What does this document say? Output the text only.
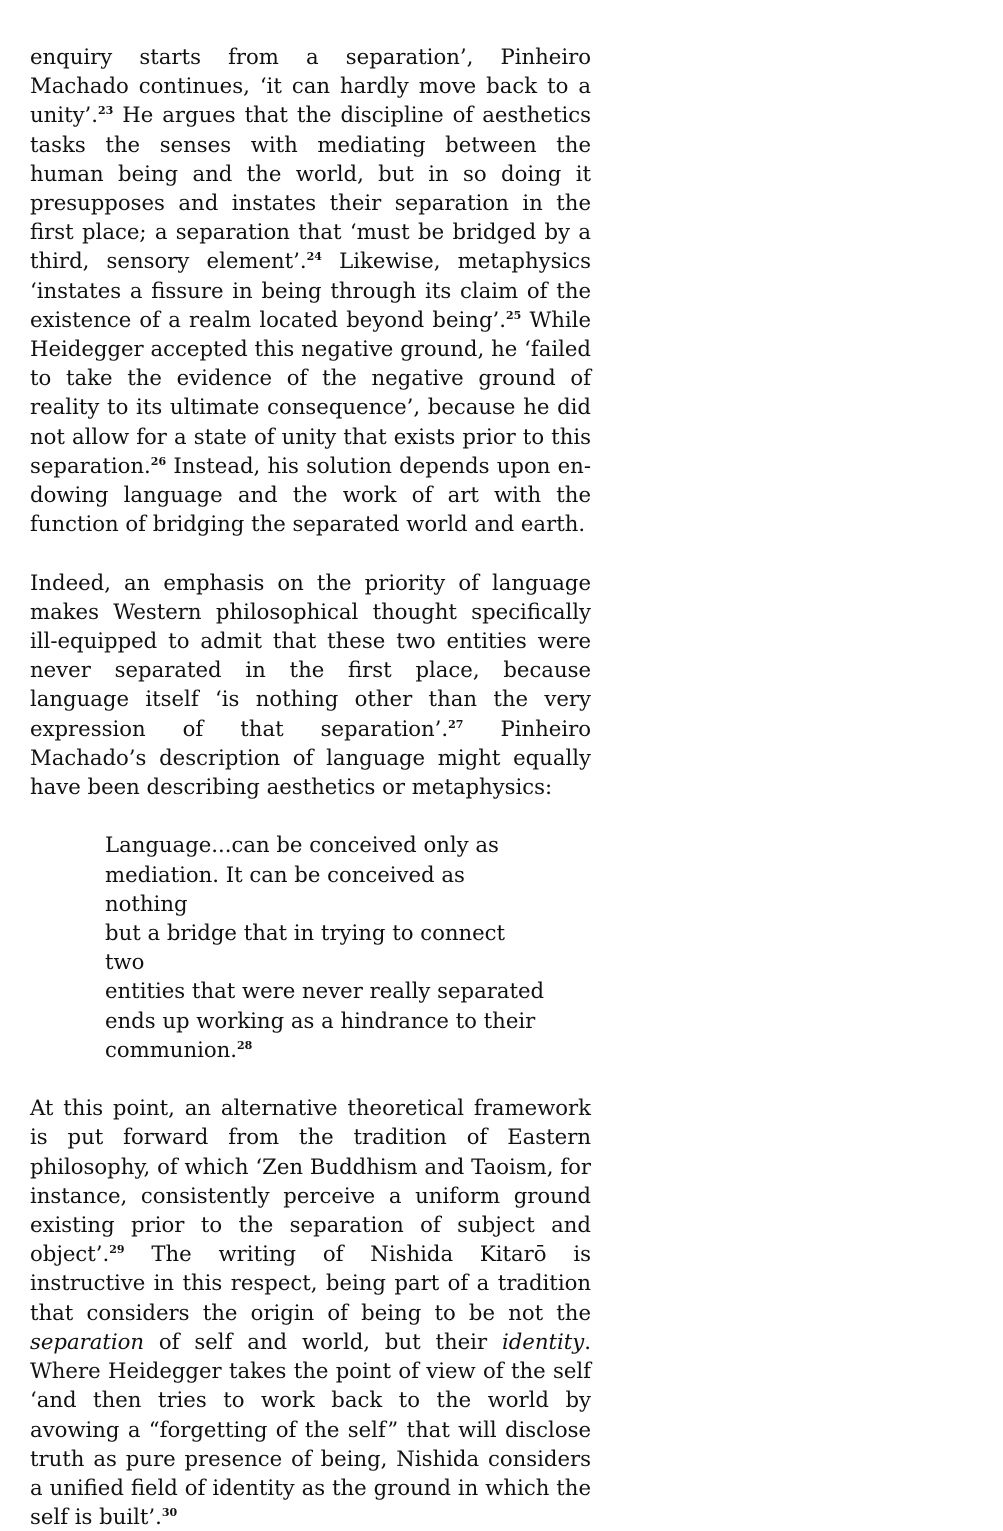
enquiry starts from a separation’, Pinheiro Machado continues, ‘it can hardly move back to a unity’.$^{23}$ He argues that the discipline of aesthetics tasks the senses with mediating between the human being and the world, but in so doing it presupposes and instates their separation in the first place; a separation that ‘must be bridged by a third, sensory element’.$^{24}$ Likewise, metaphysics ‘instates a fissure in being through its claim of the existence of a realm located beyond being’.$^{25}$ While Heidegger accepted this negative ground, he ‘failed to take the evidence of the negative ground of reality to its ultimate consequence’, because he did not allow for a state of unity that exists prior to this separation.$^{26}$ Instead, his solution depends upon endowing language and the work of art with the function of bridging the separated world and earth.

Indeed, an emphasis on the priority of language makes Western philosophical thought specifically ill-equipped to admit that these two entities were never separated in the first place, because language itself ‘is nothing other than the very expression of that separation’.$^{27}$ Pinheiro Machado’s description of language might equally have been describing aesthetics or metaphysics:

Language...can be conceived only as
mediation. It can be conceived as nothing
but a bridge that in trying to connect two
entities that were never really separated
ends up working as a hindrance to their
communion.$^{28}$

At this point, an alternative theoretical framework is put forward from the tradition of Eastern philosophy, of which ‘Zen Buddhism and Taoism, for instance, consistently perceive a uniform ground existing prior to the separation of subject and object’.$^{29}$ The writing of Nishida Kitarō is instructive in this respect, being part of a tradition that considers the origin of being to be not the separation of self and world, but their identity. Where Heidegger takes the point of view of the self ‘and then tries to work back to the world by avowing a “forgetting of the self” that will disclose truth as pure presence of being, Nishida considers a unified field of identity as the ground in which the self is built’.$^{30}$
